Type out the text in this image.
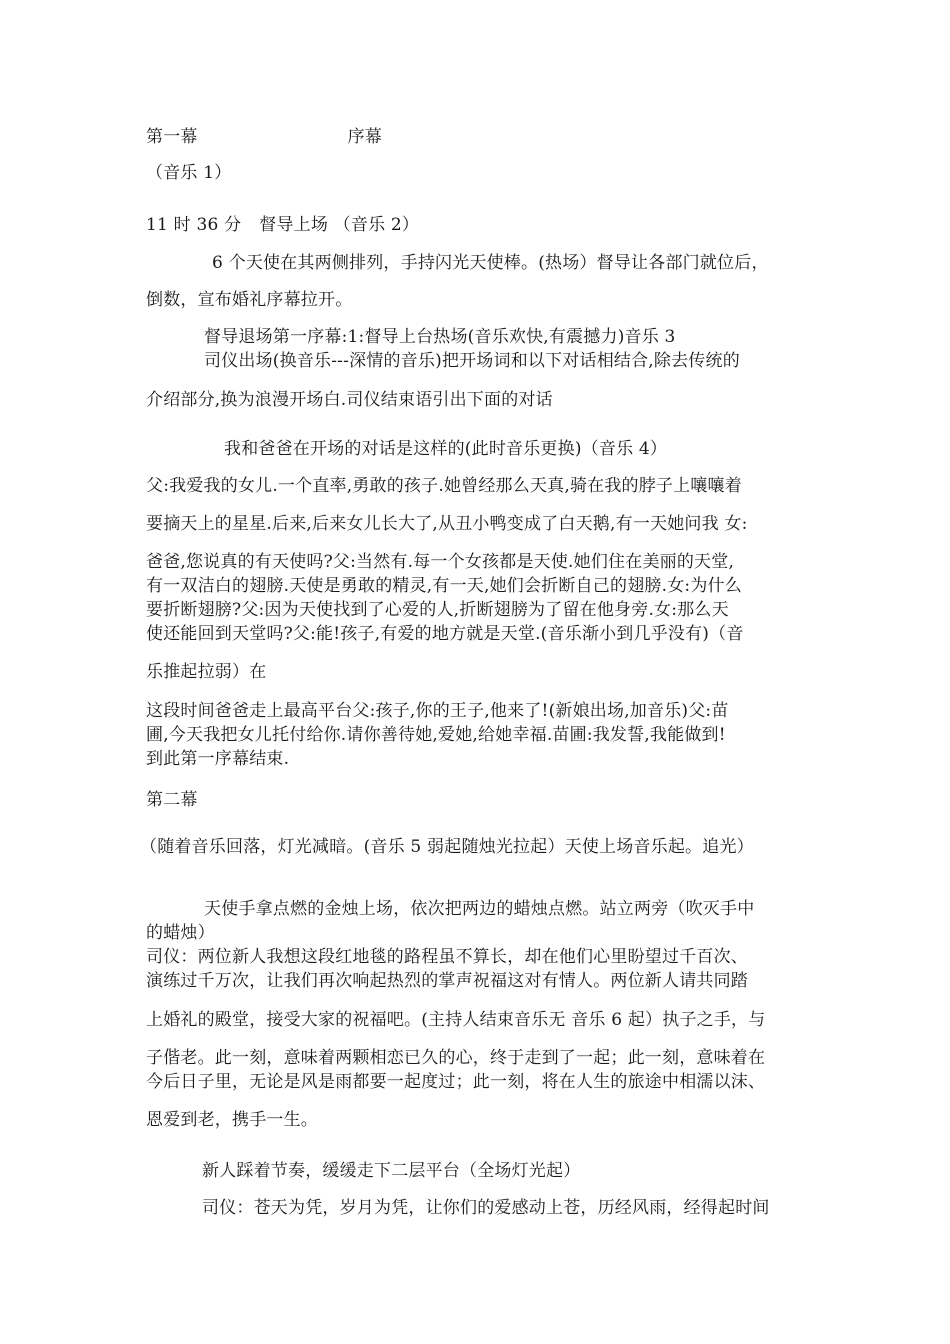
第一幕	序幕
（音乐 1）
11 时 36 分 督导上场 （音乐 2）
6 个天使在其两侧排列，手持闪光天使棒。(热场）督导让各部门就位后，
倒数，宣布婚礼序幕拉开。
督导退场第一序幕:1:督导上台热场(音乐欢快,有震撼力)音乐 3
司仪出场(换音乐---深情的音乐)把开场词和以下对话相结合,除去传统的
介绍部分,换为浪漫开场白.司仪结束语引出下面的对话
我和爸爸在开场的对话是这样的(此时音乐更换)（音乐 4）
父:我爱我的女儿.一个直率,勇敢的孩子.她曾经那么天真,骑在我的脖子上嚷嚷着
要摘天上的星星.后来,后来女儿长大了,从丑小鸭变成了白天鹅,有一天她问我 女:
爸爸,您说真的有天使吗?父:当然有.每一个女孩都是天使.她们住在美丽的天堂,
有一双洁白的翅膀.天使是勇敢的精灵,有一天,她们会折断自己的翅膀.女:为什么
要折断翅膀?父:因为天使找到了心爱的人,折断翅膀为了留在他身旁.女:那么天
使还能回到天堂吗?父:能!孩子,有爱的地方就是天堂.(音乐渐小到几乎没有)（音
乐推起拉弱）在
这段时间爸爸走上最高平台父:孩子,你的王子,他来了!(新娘出场,加音乐)父:苗
圃,今天我把女儿托付给你.请你善待她,爱她,给她幸福.苗圃:我发誓,我能做到!
到此第一序幕结束.
第二幕
（随着音乐回落，灯光减暗。(音乐 5 弱起随烛光拉起）天使上场音乐起。追光）
天使手拿点燃的金烛上场，依次把两边的蜡烛点燃。站立两旁（吹灭手中
的蜡烛）
司仪：两位新人我想这段红地毯的路程虽不算长，却在他们心里盼望过千百次、
演练过千万次，让我们再次响起热烈的掌声祝福这对有情人。两位新人请共同踏
上婚礼的殿堂，接受大家的祝福吧。(主持人结束音乐无 音乐 6 起）执子之手，与
子偕老。此一刻，意味着两颗相恋已久的心，终于走到了一起；此一刻，意味着在
今后日子里，无论是风是雨都要一起度过；此一刻，将在人生的旅途中相濡以沫、
恩爱到老，携手一生。
新人踩着节奏，缓缓走下二层平台（全场灯光起）
司仪：苍天为凭，岁月为凭，让你们的爱感动上苍，历经风雨，经得起时间
